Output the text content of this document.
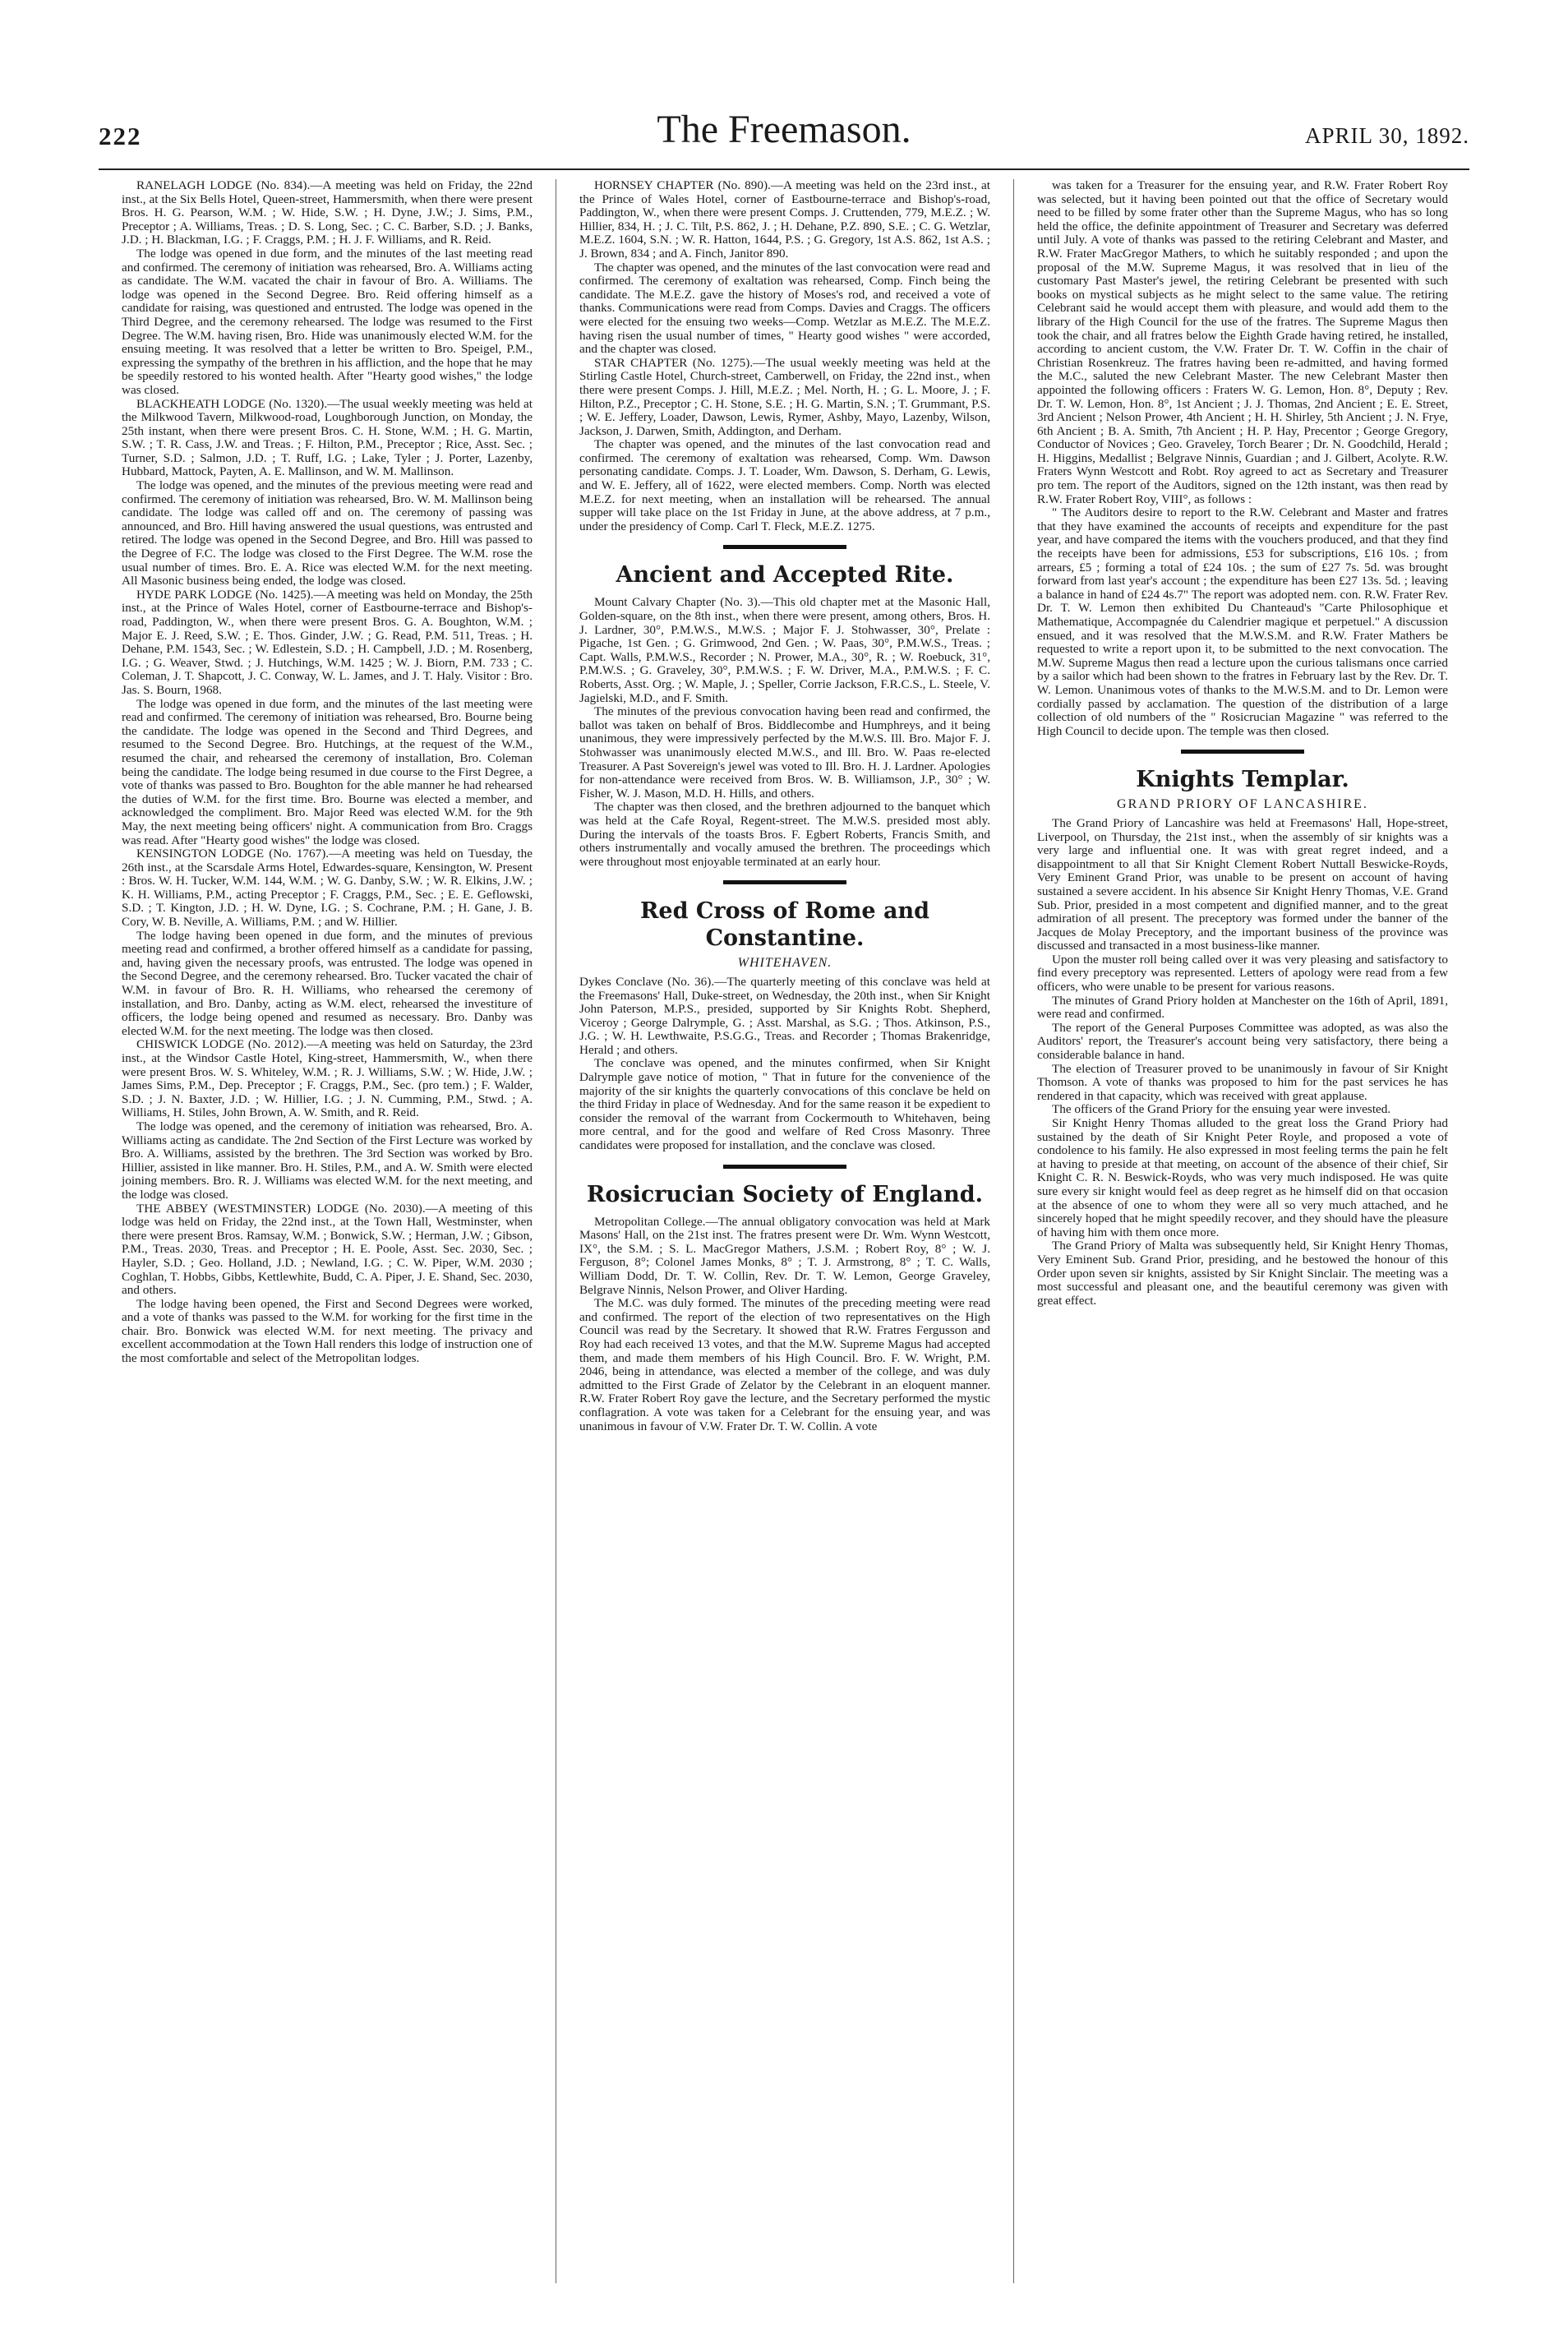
222	The Freemason.	APRIL 30, 1892.

RANELAGH LODGE (No. 834).—A meeting was held on Friday, the 22nd inst., at the Six Bells Hotel, Queen-street, Hammersmith, when there were present Bros. H. G. Pearson, W.M. ; W. Hide, S.W. ; H. Dyne, J.W.; J. Sims, P.M., Preceptor ; A. Williams, Treas. ; D. S. Long, Sec. ; C. C. Barber, S.D. ; J. Banks, J.D. ; H. Blackman, I.G. ; F. Craggs, P.M. ; H. J. F. Williams, and R. Reid.

The lodge was opened in due form, and the minutes of the last meeting read and confirmed. The ceremony of initiation was rehearsed, Bro. A. Williams acting as candidate. The W.M. vacated the chair in favour of Bro. A. Williams. The lodge was opened in the Second Degree. Bro. Reid offering himself as a candidate for raising, was questioned and entrusted. The lodge was opened in the Third Degree, and the ceremony rehearsed. The lodge was resumed to the First Degree. The W.M. having risen, Bro. Hide was unanimously elected W.M. for the ensuing meeting. It was resolved that a letter be written to Bro. Speigel, P.M., expressing the sympathy of the brethren in his affliction, and the hope that he may be speedily restored to his wonted health. After "Hearty good wishes," the lodge was closed.

BLACKHEATH LODGE (No. 1320).—The usual weekly meeting was held at the Milkwood Tavern, Milkwood-road, Loughborough Junction, on Monday, the 25th instant, when there were present Bros. C. H. Stone, W.M. ; H. G. Martin, S.W. ; T. R. Cass, J.W. and Treas. ; F. Hilton, P.M., Preceptor ; Rice, Asst. Sec. ; Turner, S.D. ; Salmon, J.D. ; T. Ruff, I.G. ; Lake, Tyler ; J. Porter, Lazenby, Hubbard, Mattock, Payten, A. E. Mallinson, and W. M. Mallinson.

The lodge was opened, and the minutes of the previous meeting were read and confirmed. The ceremony of initiation was rehearsed, Bro. W. M. Mallinson being candidate. The lodge was called off and on. The ceremony of passing was announced, and Bro. Hill having answered the usual questions, was entrusted and retired. The lodge was opened in the Second Degree, and Bro. Hill was passed to the Degree of F.C. The lodge was closed to the First Degree. The W.M. rose the usual number of times. Bro. E. A. Rice was elected W.M. for the next meeting. All Masonic business being ended, the lodge was closed.

HYDE PARK LODGE (No. 1425).—A meeting was held on Monday, the 25th inst., at the Prince of Wales Hotel, corner of Eastbourne-terrace and Bishop's-road, Paddington, W., when there were present Bros. G. A. Boughton, W.M. ; Major E. J. Reed, S.W. ; E. Thos. Ginder, J.W. ; G. Read, P.M. 511, Treas. ; H. Dehane, P.M. 1543, Sec. ; W. Edlestein, S.D. ; H. Campbell, J.D. ; M. Rosenberg, I.G. ; G. Weaver, Stwd. ; J. Hutchings, W.M. 1425 ; W. J. Biorn, P.M. 733 ; C. Coleman, J. T. Shapcott, J. C. Conway, W. L. James, and J. T. Haly. Visitor : Bro. Jas. S. Bourn, 1968.

The lodge was opened in due form, and the minutes of the last meeting were read and confirmed. The ceremony of initiation was rehearsed, Bro. Bourne being the candidate. The lodge was opened in the Second and Third Degrees, and resumed to the Second Degree. Bro. Hutchings, at the request of the W.M., resumed the chair, and rehearsed the ceremony of installation, Bro. Coleman being the candidate. The lodge being resumed in due course to the First Degree, a vote of thanks was passed to Bro. Boughton for the able manner he had rehearsed the duties of W.M. for the first time. Bro. Bourne was elected a member, and acknowledged the compliment. Bro. Major Reed was elected W.M. for the 9th May, the next meeting being officers' night. A communication from Bro. Craggs was read. After "Hearty good wishes" the lodge was closed.

KENSINGTON LODGE (No. 1767).—A meeting was held on Tuesday, the 26th inst., at the Scarsdale Arms Hotel, Edwardes-square, Kensington, W. Present : Bros. W. H. Tucker, W.M. 144, W.M. ; W. G. Danby, S.W. ; W. R. Elkins, J.W. ; K. H. Williams, P.M., acting Preceptor ; F. Craggs, P.M., Sec. ; E. E. Geflowski, S.D. ; T. Kington, J.D. ; H. W. Dyne, I.G. ; S. Cochrane, P.M. ; H. Gane, J. B. Cory, W. B. Neville, A. Williams, P.M. ; and W. Hillier.

The lodge having been opened in due form, and the minutes of previous meeting read and confirmed, a brother offered himself as a candidate for passing, and, having given the necessary proofs, was entrusted. The lodge was opened in the Second Degree, and the ceremony rehearsed. Bro. Tucker vacated the chair of W.M. in favour of Bro. R. H. Williams, who rehearsed the ceremony of installation, and Bro. Danby, acting as W.M. elect, rehearsed the investiture of officers, the lodge being opened and resumed as necessary. Bro. Danby was elected W.M. for the next meeting. The lodge was then closed.

CHISWICK LODGE (No. 2012).—A meeting was held on Saturday, the 23rd inst., at the Windsor Castle Hotel, King-street, Hammersmith, W., when there were present Bros. W. S. Whiteley, W.M. ; R. J. Williams, S.W. ; W. Hide, J.W. ; James Sims, P.M., Dep. Preceptor ; F. Craggs, P.M., Sec. (pro tem.) ; F. Walder, S.D. ; J. N. Baxter, J.D. ; W. Hillier, I.G. ; J. N. Cumming, P.M., Stwd. ; A. Williams, H. Stiles, John Brown, A. W. Smith, and R. Reid.

The lodge was opened, and the ceremony of initiation was rehearsed, Bro. A. Williams acting as candidate. The 2nd Section of the First Lecture was worked by Bro. A. Williams, assisted by the brethren. The 3rd Section was worked by Bro. Hillier, assisted in like manner. Bro. H. Stiles, P.M., and A. W. Smith were elected joining members. Bro. R. J. Williams was elected W.M. for the next meeting, and the lodge was closed.

THE ABBEY (WESTMINSTER) LODGE (No. 2030).—A meeting of this lodge was held on Friday, the 22nd inst., at the Town Hall, Westminster, when there were present Bros. Ramsay, W.M. ; Bonwick, S.W. ; Herman, J.W. ; Gibson, P.M., Treas. 2030, Treas. and Preceptor ; H. E. Poole, Asst. Sec. 2030, Sec. ; Hayler, S.D. ; Geo. Holland, J.D. ; Newland, I.G. ; C. W. Piper, W.M. 2030 ; Coghlan, T. Hobbs, Gibbs, Kettlewhite, Budd, C. A. Piper, J. E. Shand, Sec. 2030, and others.

The lodge having been opened, the First and Second Degrees were worked, and a vote of thanks was passed to the W.M. for working for the first time in the chair. Bro. Bonwick was elected W.M. for next meeting. The privacy and excellent accommodation at the Town Hall renders this lodge of instruction one of the most comfortable and select of the Metropolitan lodges.

HORNSEY CHAPTER (No. 890).—A meeting was held on the 23rd inst., at the Prince of Wales Hotel, corner of Eastbourne-terrace and Bishop's-road, Paddington, W., when there were present Comps. J. Cruttenden, 779, M.E.Z. ; W. Hillier, 834, H. ; J. C. Tilt, P.S. 862, J. ; H. Dehane, P.Z. 890, S.E. ; C. G. Wetzlar, M.E.Z. 1604, S.N. ; W. R. Hatton, 1644, P.S. ; G. Gregory, 1st A.S. 862, 1st A.S. ; J. Brown, 834 ; and A. Finch, Janitor 890.

The chapter was opened, and the minutes of the last convocation were read and confirmed. The ceremony of exaltation was rehearsed, Comp. Finch being the candidate. The M.E.Z. gave the history of Moses's rod, and received a vote of thanks. Communications were read from Comps. Davies and Craggs. The officers were elected for the ensuing two weeks—Comp. Wetzlar as M.E.Z. The M.E.Z. having risen the usual number of times, " Hearty good wishes " were accorded, and the chapter was closed.

STAR CHAPTER (No. 1275).—The usual weekly meeting was held at the Stirling Castle Hotel, Church-street, Camberwell, on Friday, the 22nd inst., when there were present Comps. J. Hill, M.E.Z. ; Mel. North, H. ; G. L. Moore, J. ; F. Hilton, P.Z., Preceptor ; C. H. Stone, S.E. ; H. G. Martin, S.N. ; T. Grummant, P.S. ; W. E. Jeffery, Loader, Dawson, Lewis, Rymer, Ashby, Mayo, Lazenby, Wilson, Jackson, J. Darwen, Smith, Addington, and Derham.

The chapter was opened, and the minutes of the last convocation read and confirmed. The ceremony of exaltation was rehearsed, Comp. Wm. Dawson personating candidate. Comps. J. T. Loader, Wm. Dawson, S. Derham, G. Lewis, and W. E. Jeffery, all of 1622, were elected members. Comp. North was elected M.E.Z. for next meeting, when an installation will be rehearsed. The annual supper will take place on the 1st Friday in June, at the above address, at 7 p.m., under the presidency of Comp. Carl T. Fleck, M.E.Z. 1275.

Ancient and Accepted Rite.

Mount Calvary Chapter (No. 3).—This old chapter met at the Masonic Hall, Golden-square, on the 8th inst., when there were present, among others, Bros. H. J. Lardner, 30°, P.M.W.S., M.W.S. ; Major F. J. Stohwasser, 30°, Prelate : Pigache, 1st Gen. ; G. Grimwood, 2nd Gen. ; W. Paas, 30°, P.M.W.S., Treas. ; Capt. Walls, P.M.W.S., Recorder ; N. Prower, M.A., 30°, R. ; W. Roebuck, 31°, P.M.W.S. ; G. Graveley, 30°, P.M.W.S. ; F. W. Driver, M.A., P.M.W.S. ; F. C. Roberts, Asst. Org. ; W. Maple, J. ; Speller, Corrie Jackson, F.R.C.S., L. Steele, V. Jagielski, M.D., and F. Smith.

The minutes of the previous convocation having been read and confirmed, the ballot was taken on behalf of Bros. Biddlecombe and Humphreys, and it being unanimous, they were impressively perfected by the M.W.S. Ill. Bro. Major F. J. Stohwasser was unanimously elected M.W.S., and Ill. Bro. W. Paas re-elected Treasurer. A Past Sovereign's jewel was voted to Ill. Bro. H. J. Lardner. Apologies for non-attendance were received from Bros. W. B. Williamson, J.P., 30° ; W. Fisher, W. J. Mason, M.D. H. Hills, and others.

The chapter was then closed, and the brethren adjourned to the banquet which was held at the Cafe Royal, Regent-street. The M.W.S. presided most ably. During the intervals of the toasts Bros. F. Egbert Roberts, Francis Smith, and others instrumentally and vocally amused the brethren. The proceedings which were throughout most enjoyable terminated at an early hour.

Red Cross of Rome and Constantine.
WHITEHAVEN.

Dykes Conclave (No. 36).—The quarterly meeting of this conclave was held at the Freemasons' Hall, Duke-street, on Wednesday, the 20th inst., when Sir Knight John Paterson, M.P.S., presided, supported by Sir Knights Robt. Shepherd, Viceroy ; George Dalrymple, G. ; Asst. Marshal, as S.G. ; Thos. Atkinson, P.S., J.G. ; W. H. Lewthwaite, P.S.G.G., Treas. and Recorder ; Thomas Brakenridge, Herald ; and others.

The conclave was opened, and the minutes confirmed, when Sir Knight Dalrymple gave notice of motion, " That in future for the convenience of the majority of the sir knights the quarterly convocations of this conclave be held on the third Friday in place of Wednesday. And for the same reason it be expedient to consider the removal of the warrant from Cockermouth to Whitehaven, being more central, and for the good and welfare of Red Cross Masonry. Three candidates were proposed for installation, and the conclave was closed.

Rosicrucian Society of England.

Metropolitan College.—The annual obligatory convocation was held at Mark Masons' Hall, on the 21st inst. The fratres present were Dr. Wm. Wynn Westcott, IX°, the S.M. ; S. L. MacGregor Mathers, J.S.M. ; Robert Roy, 8° ; W. J. Ferguson, 8°; Colonel James Monks, 8° ; T. J. Armstrong, 8° ; T. C. Walls, William Dodd, Dr. T. W. Collin, Rev. Dr. T. W. Lemon, George Graveley, Belgrave Ninnis, Nelson Prower, and Oliver Harding.

The M.C. was duly formed. The minutes of the preceding meeting were read and confirmed. The report of the election of two representatives on the High Council was read by the Secretary. It showed that R.W. Fratres Fergusson and Roy had each received 13 votes, and that the M.W. Supreme Magus had accepted them, and made them members of his High Council. Bro. F. W. Wright, P.M. 2046, being in attendance, was elected a member of the college, and was duly admitted to the First Grade of Zelator by the Celebrant in an eloquent manner. R.W. Frater Robert Roy gave the lecture, and the Secretary performed the mystic conflagration. A vote was taken for a Celebrant for the ensuing year, and was unanimous in favour of V.W. Frater Dr. T. W. Collin. A vote

was taken for a Treasurer for the ensuing year, and R.W. Frater Robert Roy was selected, but it having been pointed out that the office of Secretary would need to be filled by some frater other than the Supreme Magus, who has so long held the office, the definite appointment of Treasurer and Secretary was deferred until July. A vote of thanks was passed to the retiring Celebrant and Master, and R.W. Frater MacGregor Mathers, to which he suitably responded ; and upon the proposal of the M.W. Supreme Magus, it was resolved that in lieu of the customary Past Master's jewel, the retiring Celebrant be presented with such books on mystical subjects as he might select to the same value. The retiring Celebrant said he would accept them with pleasure, and would add them to the library of the High Council for the use of the fratres. The Supreme Magus then took the chair, and all fratres below the Eighth Grade having retired, he installed, according to ancient custom, the V.W. Frater Dr. T. W. Coffin in the chair of Christian Rosenkreuz. The fratres having been re-admitted, and having formed the M.C., saluted the new Celebrant Master. The new Celebrant Master then appointed the following officers : Fraters W. G. Lemon, Hon. 8°, Deputy ; Rev. Dr. T. W. Lemon, Hon. 8°, 1st Ancient ; J. J. Thomas, 2nd Ancient ; E. E. Street, 3rd Ancient ; Nelson Prower, 4th Ancient ; H. H. Shirley, 5th Ancient ; J. N. Frye, 6th Ancient ; B. A. Smith, 7th Ancient ; H. P. Hay, Precentor ; George Gregory, Conductor of Novices ; Geo. Graveley, Torch Bearer ; Dr. N. Goodchild, Herald ; H. Higgins, Medallist ; Belgrave Ninnis, Guardian ; and J. Gilbert, Acolyte. R.W. Fraters Wynn Westcott and Robt. Roy agreed to act as Secretary and Treasurer pro tem. The report of the Auditors, signed on the 12th instant, was then read by R.W. Frater Robert Roy, VIII°, as follows :

" The Auditors desire to report to the R.W. Celebrant and Master and fratres that they have examined the accounts of receipts and expenditure for the past year, and have compared the items with the vouchers produced, and that they find the receipts have been for admissions, £53 for subscriptions, £16 10s. ; from arrears, £5 ; forming a total of £24 10s. ; the sum of £27 7s. 5d. was brought forward from last year's account ; the expenditure has been £27 13s. 5d. ; leaving a balance in hand of £24 4s.7" The report was adopted nem. con. R.W. Frater Rev. Dr. T. W. Lemon then exhibited Du Chanteaud's "Carte Philosophique et Mathematique, Accompagnée du Calendrier magique et perpetuel." A discussion ensued, and it was resolved that the M.W.S.M. and R.W. Frater Mathers be requested to write a report upon it, to be submitted to the next convocation. The M.W. Supreme Magus then read a lecture upon the curious talismans once carried by a sailor which had been shown to the fratres in February last by the Rev. Dr. T. W. Lemon. Unanimous votes of thanks to the M.W.S.M. and to Dr. Lemon were cordially passed by acclamation. The question of the distribution of a large collection of old numbers of the " Rosicrucian Magazine " was referred to the High Council to decide upon. The temple was then closed.

Knights Templar.
GRAND PRIORY OF LANCASHIRE.

The Grand Priory of Lancashire was held at Freemasons' Hall, Hope-street, Liverpool, on Thursday, the 21st inst., when the assembly of sir knights was a very large and influential one. It was with great regret indeed, and a disappointment to all that Sir Knight Clement Robert Nuttall Beswicke-Royds, Very Eminent Grand Prior, was unable to be present on account of having sustained a severe accident. In his absence Sir Knight Henry Thomas, V.E. Grand Sub. Prior, presided in a most competent and dignified manner, and to the great admiration of all present. The preceptory was formed under the banner of the Jacques de Molay Preceptory, and the important business of the province was discussed and transacted in a most business-like manner.

Upon the muster roll being called over it was very pleasing and satisfactory to find every preceptory was represented. Letters of apology were read from a few officers, who were unable to be present for various reasons.

The minutes of Grand Priory holden at Manchester on the 16th of April, 1891, were read and confirmed.

The report of the General Purposes Committee was adopted, as was also the Auditors' report, the Treasurer's account being very satisfactory, there being a considerable balance in hand.

The election of Treasurer proved to be unanimously in favour of Sir Knight Thomson. A vote of thanks was proposed to him for the past services he has rendered in that capacity, which was received with great applause.

The officers of the Grand Priory for the ensuing year were invested.

Sir Knight Henry Thomas alluded to the great loss the Grand Priory had sustained by the death of Sir Knight Peter Royle, and proposed a vote of condolence to his family. He also expressed in most feeling terms the pain he felt at having to preside at that meeting, on account of the absence of their chief, Sir Knight C. R. N. Beswick-Royds, who was very much indisposed. He was quite sure every sir knight would feel as deep regret as he himself did on that occasion at the absence of one to whom they were all so very much attached, and he sincerely hoped that he might speedily recover, and they should have the pleasure of having him with them once more.

The Grand Priory of Malta was subsequently held, Sir Knight Henry Thomas, Very Eminent Sub. Grand Prior, presiding, and he bestowed the honour of this Order upon seven sir knights, assisted by Sir Knight Sinclair. The meeting was a most successful and pleasant one, and the beautiful ceremony was given with great effect.
